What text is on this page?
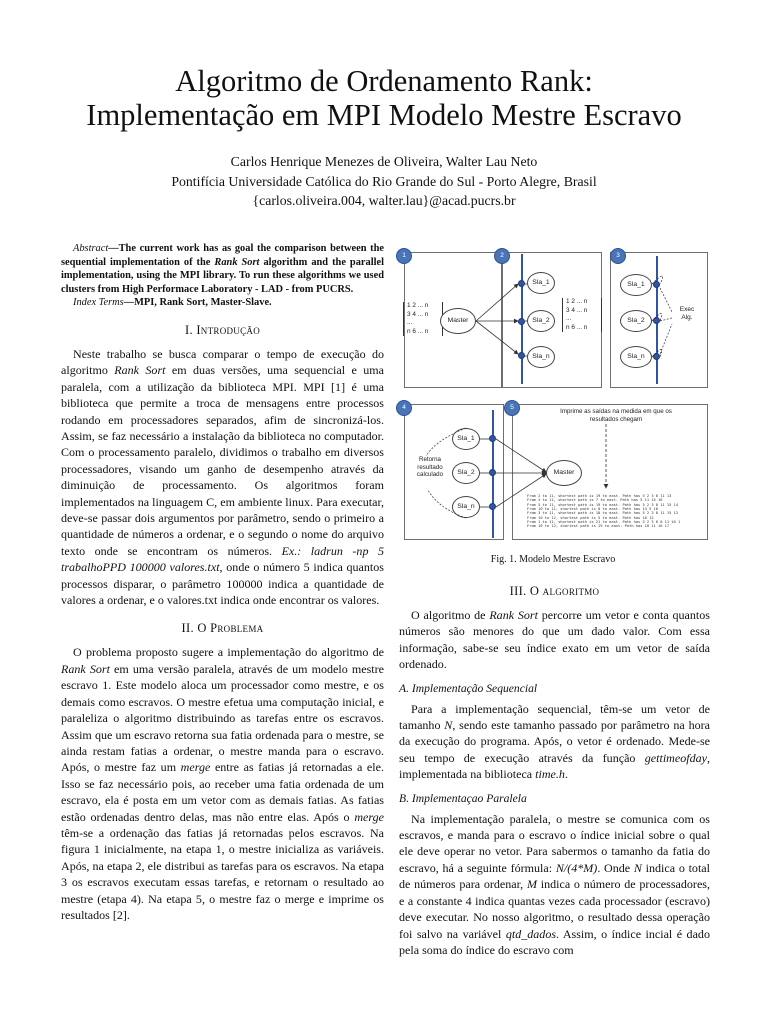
Algoritmo de Ordenamento Rank:
Implementação em MPI Modelo Mestre Escravo
Carlos Henrique Menezes de Oliveira, Walter Lau Neto
Pontifícia Universidade Católica do Rio Grande do Sul - Porto Alegre, Brasil
{carlos.oliveira.004, walter.lau}@acad.pucrs.br

Abstract—The current work has as goal the comparison between the sequential implementation of the Rank Sort algorithm and the parallel implementation, using the MPI library. To run these algorithms we used clusters from High Performace Laboratory - LAD - from PUCRS.

Index Terms—MPI, Rank Sort, Master-Slave.

I. Introdução

Neste trabalho se busca comparar o tempo de execução do algoritmo Rank Sort em duas versões, uma sequencial e uma paralela, com a utilização da biblioteca MPI. MPI [1] é uma biblioteca que permite a troca de mensagens entre processos rodando em processadores separados, afim de sincronizá-los. Assim, se faz necessário a instalação da biblioteca no computador. Com o processamento paralelo, dividimos o trabalho em diversos processadores, visando um ganho de desempenho através da diminuição de processamento. Os algoritmos foram implementados na linguagem C, em ambiente linux. Para executar, deve-se passar dois argumentos por parâmetro, sendo o primeiro a quantidade de números a ordenar, e o segundo o nome do arquivo texto onde se encontram os números. Ex.: ladrun -np 5 trabalhoPPD 100000 valores.txt, onde o número 5 indica quantos processos disparar, o parâmetro 100000 indica a quantidade de valores a ordenar, e o valores.txt indica onde encontrar os valores.

II. O Problema

O problema proposto sugere a implementação do algoritmo de Rank Sort em uma versão paralela, através de um modelo mestre escravo 1. Este modelo aloca um processador como mestre, e os demais como escravos. O mestre efetua uma computação inicial, e paraleliza o algoritmo distribuindo as tarefas entre os escravos. Assim que um escravo retorna sua fatia ordenada para o mestre, se ainda restam fatias a ordenar, o mestre manda para o escravo. Após, o mestre faz um merge entre as fatias já retornadas a ele. Isso se faz necessário pois, ao receber uma fatia ordenada de um escravo, ela é posta em um vetor com as demais fatias. As fatias estão ordenadas dentro delas, mas não entre elas. Após o merge têm-se a ordenação das fatias já retornadas pelos escravos. Na figura 1 inicialmente, na etapa 1, o mestre inicializa as variáveis. Após, na etapa 2, ele distribui as tarefas para os escravos. Na etapa 3 os escravos executam essas tarefas, e retornam o resultado ao mestre (etapa 4). Na etapa 5, o mestre faz o merge e imprime os resultados [2].

1
1 2 ... n
3 4 ... n
...
n 6 ... n
Master
2
Sla_1
Sla_2
Sla_n
1 2 ... n
3 4 ... n
...
n 6 ... n
3
Sla_1
Sla_2
Sla_n
Exec
Alg.
4
Sla_1
Sla_2
Sla_n
Retorna
resultado
calculado
5
Imprime as saídas na medida em que os
resultados chegam
Master
From 2 to 11, shortest path is 19 to east. Path has 5 2 3 8 11 13
From 4 to 11, shortest path is 7 to east. Path has 5 11 15 16
From 5 to 11, shortest path is 19 to east. Path has 5 2 3 8 11 15 14
From 10 to 11, shortest path is 8 to east. Path has 14 5 16
From 3 to 11, shortest path is 18 to east. Path has 5 2 3 8 11 15 13
From 10 to 12, shortest path is 5 to east. Path has 10 12
From 1 to 11, shortest path is 21 to east. Path has 5 2 3 8 8 11 16 1
From 10 to 12, shortest path is 19 to east. Path has 10 11 16 17
Fig. 1. Modelo Mestre Escravo
III. O algoritmo

O algoritmo de Rank Sort percorre um vetor e conta quantos números são menores do que um dado valor. Com essa informação, sabe-se seu índice exato em um vetor de saída ordenado.

A. Implementação Sequencial

Para a implementação sequencial, têm-se um vetor de tamanho N, sendo este tamanho passado por parâmetro na hora da execução do programa. Após, o vetor é ordenado. Mede-se seu tempo de execução através da função gettimeofday, implementada na biblioteca time.h.

B. Implementaçao Paralela

Na implementação paralela, o mestre se comunica com os escravos, e manda para o escravo o índice inicial sobre o qual ele deve operar no vetor. Para sabermos o tamanho da fatia do escravo, há a seguinte fórmula: N/(4*M). Onde N indica o total de números para ordenar, M indica o número de processadores, e a constante 4 indica quantas vezes cada processador (escravo) deve executar. No nosso algoritmo, o resultado dessa operação foi salvo na variável qtd_dados. Assim, o índice incial é dado pela soma do índice do escravo com
